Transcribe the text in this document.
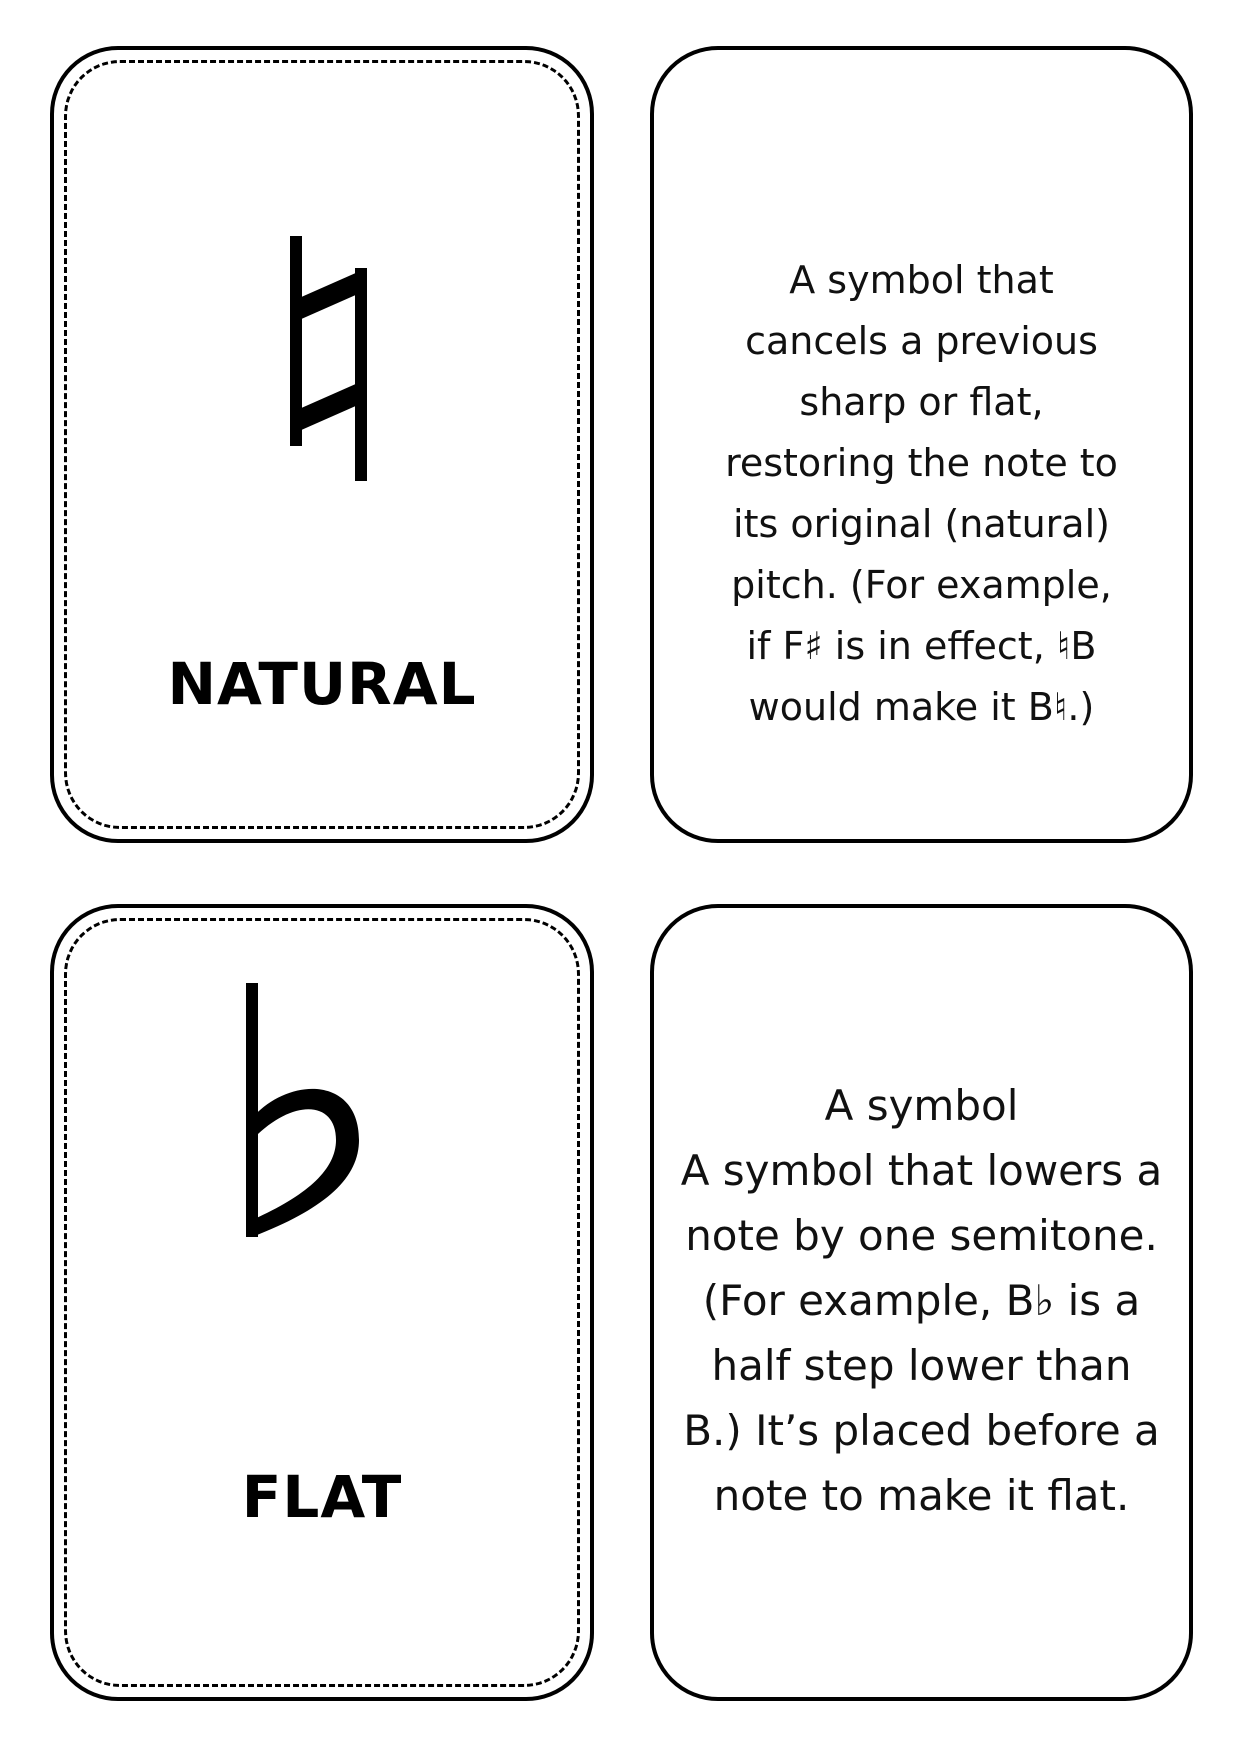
NATURAL
A symbol that
cancels a previous
sharp or flat,
restoring the note to
its original (natural)
pitch. (For example,
if F♯ is in effect, ♮B
would make it B♮.)
FLAT
A symbol
A symbol that lowers a
note by one semitone.
(For example, B♭ is a
half step lower than
B.) It’s placed before a
note to make it flat.
